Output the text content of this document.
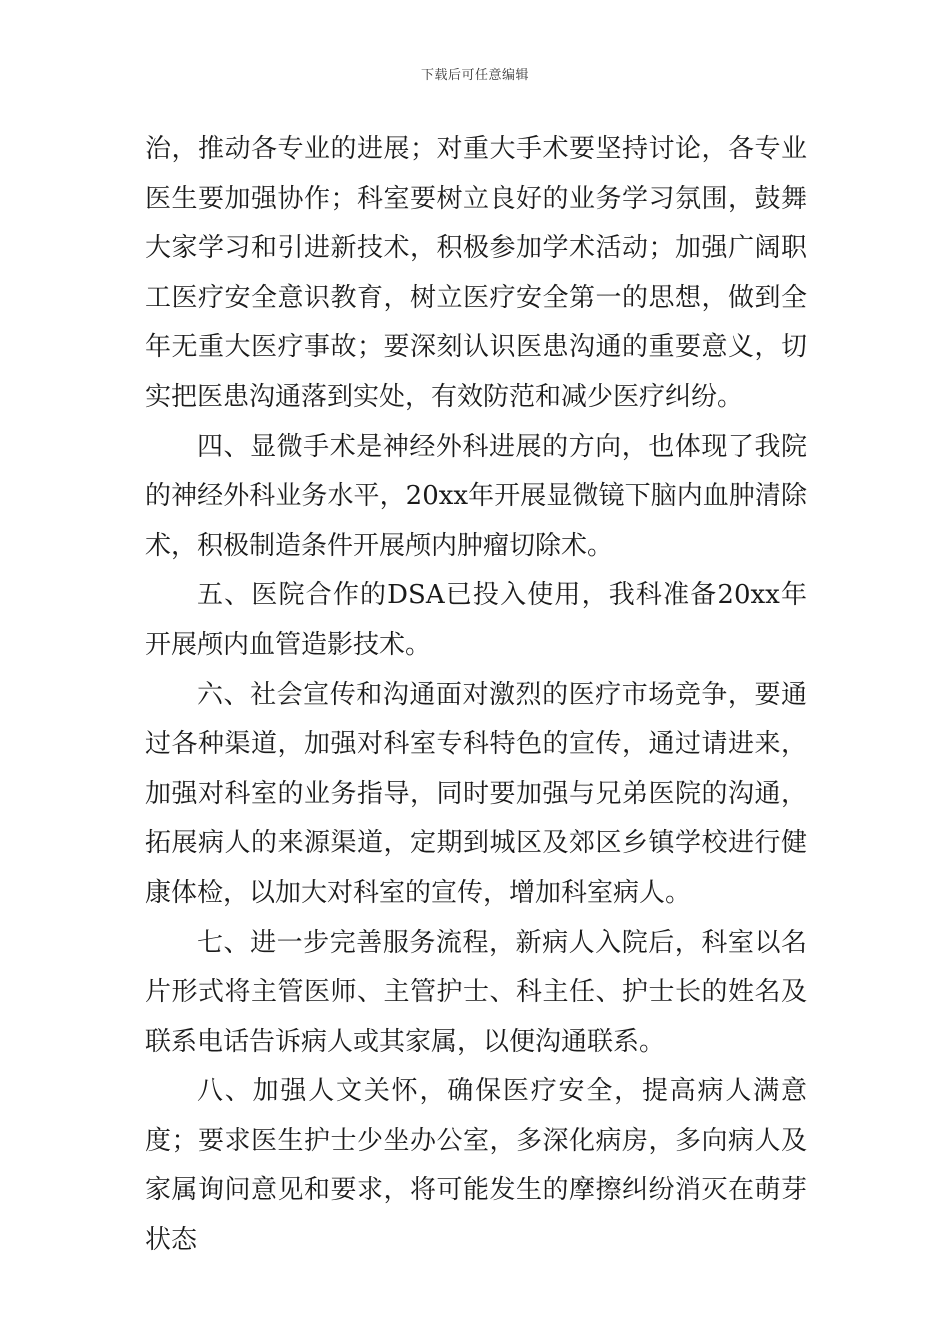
下载后可任意编辑

治，推动各专业的进展；对重大手术要坚持讨论，各专业医生要加强协作；科室要树立良好的业务学习氛围，鼓舞大家学习和引进新技术，积极参加学术活动；加强广阔职工医疗安全意识教育，树立医疗安全第一的思想，做到全年无重大医疗事故；要深刻认识医患沟通的重要意义，切实把医患沟通落到实处，有效防范和减少医疗纠纷。

四、显微手术是神经外科进展的方向，也体现了我院的神经外科业务水平，20xx年开展显微镜下脑内血肿清除术，积极制造条件开展颅内肿瘤切除术。

五、医院合作的DSA已投入使用，我科准备20xx年开展颅内血管造影技术。

六、社会宣传和沟通面对激烈的医疗市场竞争，要通过各种渠道，加强对科室专科特色的宣传，通过请进来，加强对科室的业务指导，同时要加强与兄弟医院的沟通，拓展病人的来源渠道，定期到城区及郊区乡镇学校进行健康体检，以加大对科室的宣传，增加科室病人。

七、进一步完善服务流程，新病人入院后，科室以名片形式将主管医师、主管护士、科主任、护士长的姓名及联系电话告诉病人或其家属，以便沟通联系。

八、加强人文关怀，确保医疗安全，提高病人满意度；要求医生护士少坐办公室，多深化病房，多向病人及家属询问意见和要求，将可能发生的摩擦纠纷消灭在萌芽状态
